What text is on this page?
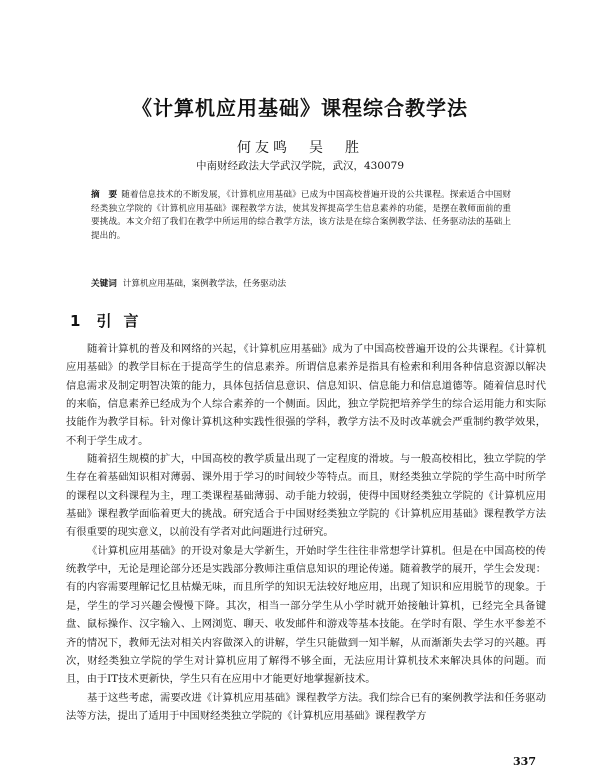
《计算机应用基础》课程综合教学法
何友鸣　吴　胜
中南财经政法大学武汉学院，武汉，430079
摘　要 随着信息技术的不断发展，《计算机应用基础》已成为中国高校普遍开设的公共课程。探索适合中国财经类独立学院的《计算机应用基础》课程教学方法，使其发挥提高学生信息素养的功能，是摆在教师面前的重要挑战。本文介绍了我们在教学中所运用的综合教学方法，该方法是在综合案例教学法、任务驱动法的基础上提出的。
关键词 计算机应用基础，案例教学法，任务驱动法
1 引言

随着计算机的普及和网络的兴起，《计算机应用基础》成为了中国高校普遍开设的公共课程。《计算机应用基础》的教学目标在于提高学生的信息素养。所谓信息素养是指具有检索和利用各种信息资源以解决信息需求及制定明智决策的能力，具体包括信息意识、信息知识、信息能力和信息道德等。随着信息时代的来临，信息素养已经成为个人综合素养的一个侧面。因此，独立学院把培养学生的综合运用能力和实际技能作为教学目标。针对像计算机这种实践性很强的学科，教学方法不及时改革就会严重制约教学效果，不利于学生成才。

随着招生规模的扩大，中国高校的教学质量出现了一定程度的滑坡。与一般高校相比，独立学院的学生存在着基础知识相对薄弱、课外用于学习的时间较少等特点。而且，财经类独立学院的学生高中时所学的课程以文科课程为主，理工类课程基础薄弱、动手能力较弱，使得中国财经类独立学院的《计算机应用基础》课程教学面临着更大的挑战。研究适合于中国财经类独立学院的《计算机应用基础》课程教学方法有很重要的现实意义，以前没有学者对此问题进行过研究。

《计算机应用基础》的开设对象是大学新生，开始时学生往往非常想学计算机。但是在中国高校的传统教学中，无论是理论部分还是实践部分教师注重信息知识的理论传递。随着教学的展开，学生会发现：有的内容需要理解记忆且枯燥无味，而且所学的知识无法较好地应用，出现了知识和应用脱节的现象。于是，学生的学习兴趣会慢慢下降。其次，相当一部分学生从小学时就开始接触计算机，已经完全具备键盘、鼠标操作、汉字输入、上网浏览、聊天、收发邮件和游戏等基本技能。在学时有限、学生水平参差不齐的情况下，教师无法对相关内容做深入的讲解，学生只能做到一知半解，从而渐渐失去学习的兴趣。再次，财经类独立学院的学生对计算机应用了解得不够全面，无法应用计算机技术来解决具体的问题。而且，由于IT技术更新快，学生只有在应用中才能更好地掌握新技术。

基于这些考虑，需要改进《计算机应用基础》课程教学方法。我们综合已有的案例教学法和任务驱动法等方法，提出了适用于中国财经类独立学院的《计算机应用基础》课程教学方

337
